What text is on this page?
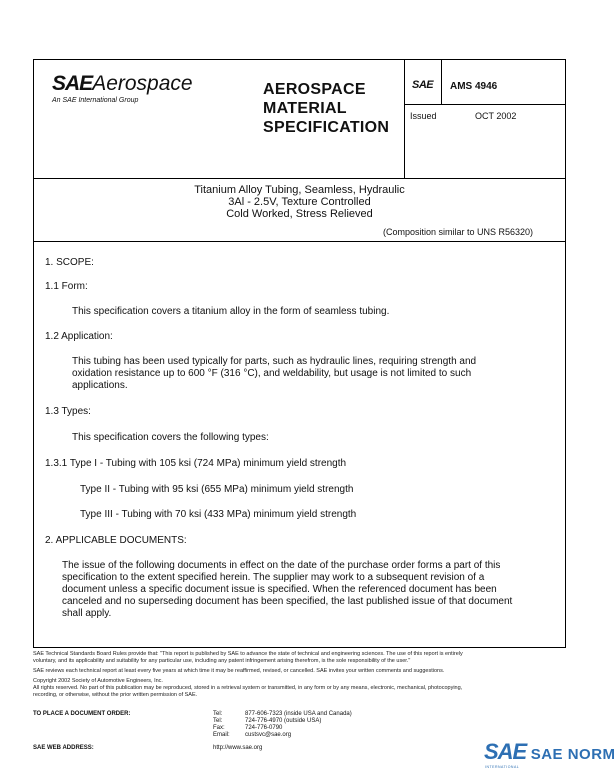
SAEAerospace
An SAE International Group
AEROSPACE
MATERIAL
SPECIFICATION
SAE AMS 4946
Issued	OCT 2002
Titanium Alloy Tubing, Seamless, Hydraulic
3Al - 2.5V, Texture Controlled
Cold Worked, Stress Relieved
(Composition similar to UNS R56320)
1. SCOPE:
1.1 Form:
This specification covers a titanium alloy in the form of seamless tubing.
1.2 Application:
This tubing has been used typically for parts, such as hydraulic lines, requiring strength and
oxidation resistance up to 600 °F (316 °C), and weldability, but usage is not limited to such
applications.
1.3 Types:
This specification covers the following types:
1.3.1 Type I - Tubing with 105 ksi (724 MPa) minimum yield strength
Type II - Tubing with 95 ksi (655 MPa) minimum yield strength
Type III - Tubing with 70 ksi (433 MPa) minimum yield strength
2. APPLICABLE DOCUMENTS:
The issue of the following documents in effect on the date of the purchase order forms a part of this
specification to the extent specified herein. The supplier may work to a subsequent revision of a
document unless a specific document issue is specified. When the referenced document has been
canceled and no superseding document has been specified, the last published issue of that document
shall apply.
SAE Technical Standards Board Rules provide that: "This report is published by SAE to advance the state of technical and engineering sciences. The use of this report is entirely
voluntary, and its applicability and suitability for any particular use, including any patent infringement arising therefrom, is the sole responsibility of the user."
SAE reviews each technical report at least every five years at which time it may be reaffirmed, revised, or cancelled. SAE invites your written comments and suggestions.
Copyright 2002 Society of Automotive Engineers, Inc.
All rights reserved. No part of this publication may be reproduced, stored in a retrieval system or transmitted, in any form or by any means, electronic, mechanical, photocopying,
recording, or otherwise, without the prior written permission of SAE.
TO PLACE A DOCUMENT ORDER:
SAE WEB ADDRESS:
Tel:
Tel:
Fax:
Email:
877-606-7323 (inside USA and Canada)
724-776-4970 (outside USA)
724-776-0790
custsvc@sae.org
http://www.sae.org	SAE SAE NORM
INTERNATIONAL
